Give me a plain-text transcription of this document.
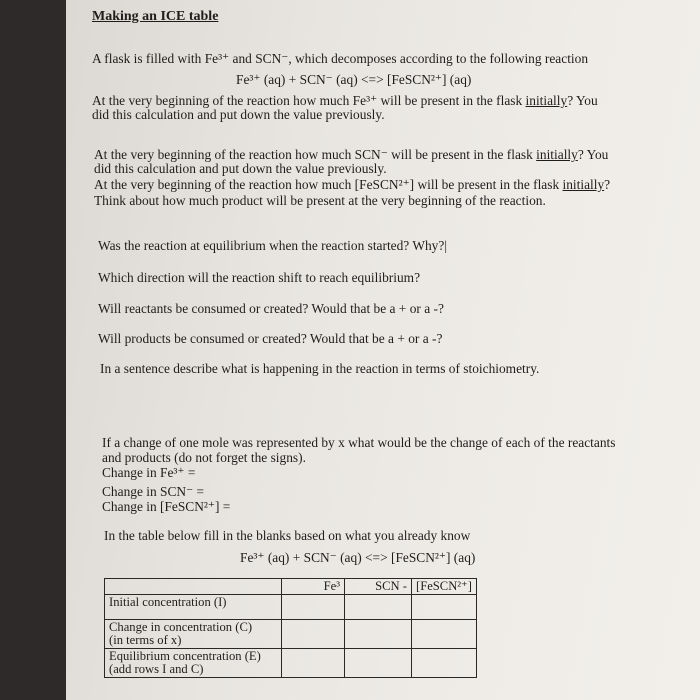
Making an ICE table
A flask is filled with Fe³⁺ and SCN⁻, which decomposes according to the following reaction
Fe³⁺ (aq) + SCN⁻ (aq) <=> [FeSCN²⁺] (aq)
At the very beginning of the reaction how much Fe³⁺ will be present in the flask initially? You
did this calculation and put down the value previously.
At the very beginning of the reaction how much SCN⁻ will be present in the flask initially? You
did this calculation and put down the value previously.
At the very beginning of the reaction how much [FeSCN²⁺] will be present in the flask initially?
Think about how much product will be present at the very beginning of the reaction.
Was the reaction at equilibrium when the reaction started? Why?|
Which direction will the reaction shift to reach equilibrium?
Will reactants be consumed or created? Would that be a + or a -?
Will products be consumed or created? Would that be a + or a -?
In a sentence describe what is happening in the reaction in terms of stoichiometry.
If a change of one mole was represented by x what would be the change of each of the reactants
and products (do not forget the signs).
Change in Fe³⁺ =
Change in SCN⁻ =
Change in [FeSCN²⁺] =
In the table below fill in the blanks based on what you already know
Fe³⁺ (aq) + SCN⁻ (aq) <=> [FeSCN²⁺] (aq)
	Fe³	SCN -	[FeSCN²⁺]
Initial concentration (I)

Change in concentration (C)
(in terms of x)			
Equilibrium concentration (E)
(add rows I and C)			
